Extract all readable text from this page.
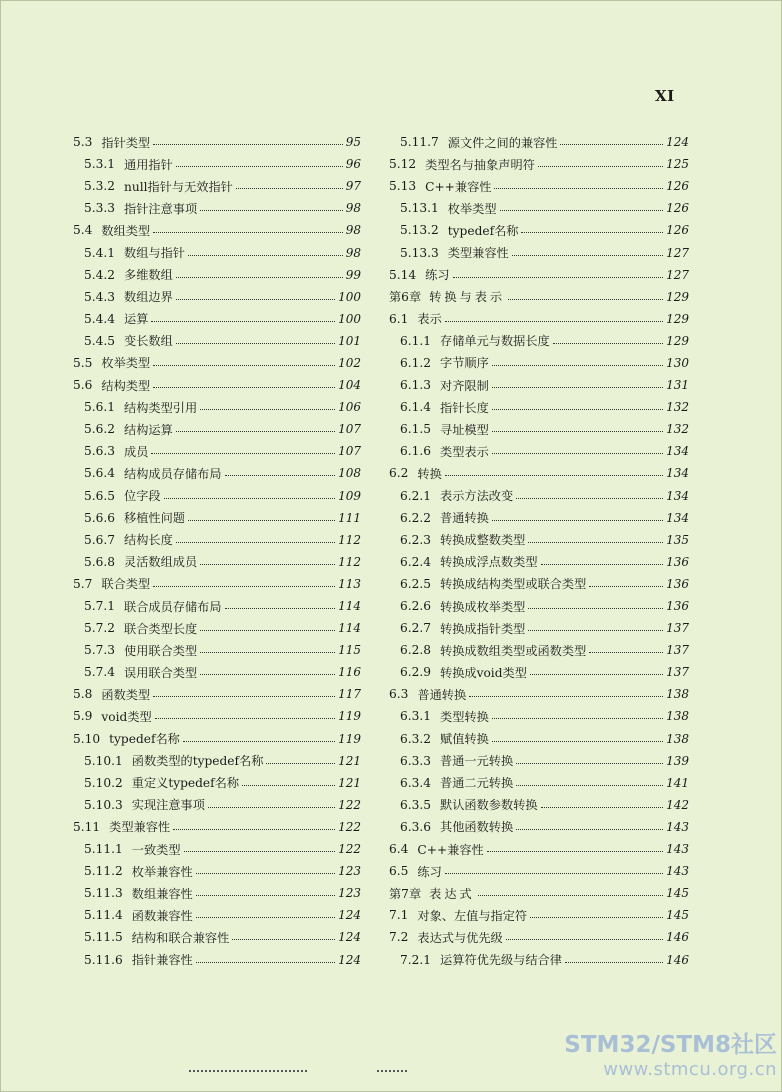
XI
5.3 指针类型	95
5.3.1 通用指针	96
5.3.2 null指针与无效指针	97
5.3.3 指针注意事项	98
5.4 数组类型	98
5.4.1 数组与指针	98
5.4.2 多维数组	99
5.4.3 数组边界	100
5.4.4 运算	100
5.4.5 变长数组	101
5.5 枚举类型	102
5.6 结构类型	104
5.6.1 结构类型引用	106
5.6.2 结构运算	107
5.6.3 成员	107
5.6.4 结构成员存储布局	108
5.6.5 位字段	109
5.6.6 移植性问题	111
5.6.7 结构长度	112
5.6.8 灵活数组成员	112
5.7 联合类型	113
5.7.1 联合成员存储布局	114
5.7.2 联合类型长度	114
5.7.3 使用联合类型	115
5.7.4 误用联合类型	116
5.8 函数类型	117
5.9 void类型	119
5.10 typedef名称	119
5.10.1 函数类型的typedef名称	121
5.10.2 重定义typedef名称	121
5.10.3 实现注意事项	122
5.11 类型兼容性	122
5.11.1 一致类型	122
5.11.2 枚举兼容性	123
5.11.3 数组兼容性	123
5.11.4 函数兼容性	124
5.11.5 结构和联合兼容性	124
5.11.6 指针兼容性	124
5.11.7 源文件之间的兼容性	124
5.12 类型名与抽象声明符	125
5.13 C++兼容性	126
5.13.1 枚举类型	126
5.13.2 typedef名称	126
5.13.3 类型兼容性	127
5.14 练习	127
第6章 转换与表示	129
6.1 表示	129
6.1.1 存储单元与数据长度	129
6.1.2 字节顺序	130
6.1.3 对齐限制	131
6.1.4 指针长度	132
6.1.5 寻址模型	132
6.1.6 类型表示	134
6.2 转换	134
6.2.1 表示方法改变	134
6.2.2 普通转换	134
6.2.3 转换成整数类型	135
6.2.4 转换成浮点数类型	136
6.2.5 转换成结构类型或联合类型	136
6.2.6 转换成枚举类型	136
6.2.7 转换成指针类型	137
6.2.8 转换成数组类型或函数类型	137
6.2.9 转换成void类型	137
6.3 普通转换	138
6.3.1 类型转换	138
6.3.2 赋值转换	138
6.3.3 普通一元转换	139
6.3.4 普通二元转换	141
6.3.5 默认函数参数转换	142
6.3.6 其他函数转换	143
6.4 C++兼容性	143
6.5 练习	143
第7章 表达式	145
7.1 对象、左值与指定符	145
7.2 表达式与优先级	146
7.2.1 运算符优先级与结合律	146
STM32/STM8社区
www.stmcu.org.cn
